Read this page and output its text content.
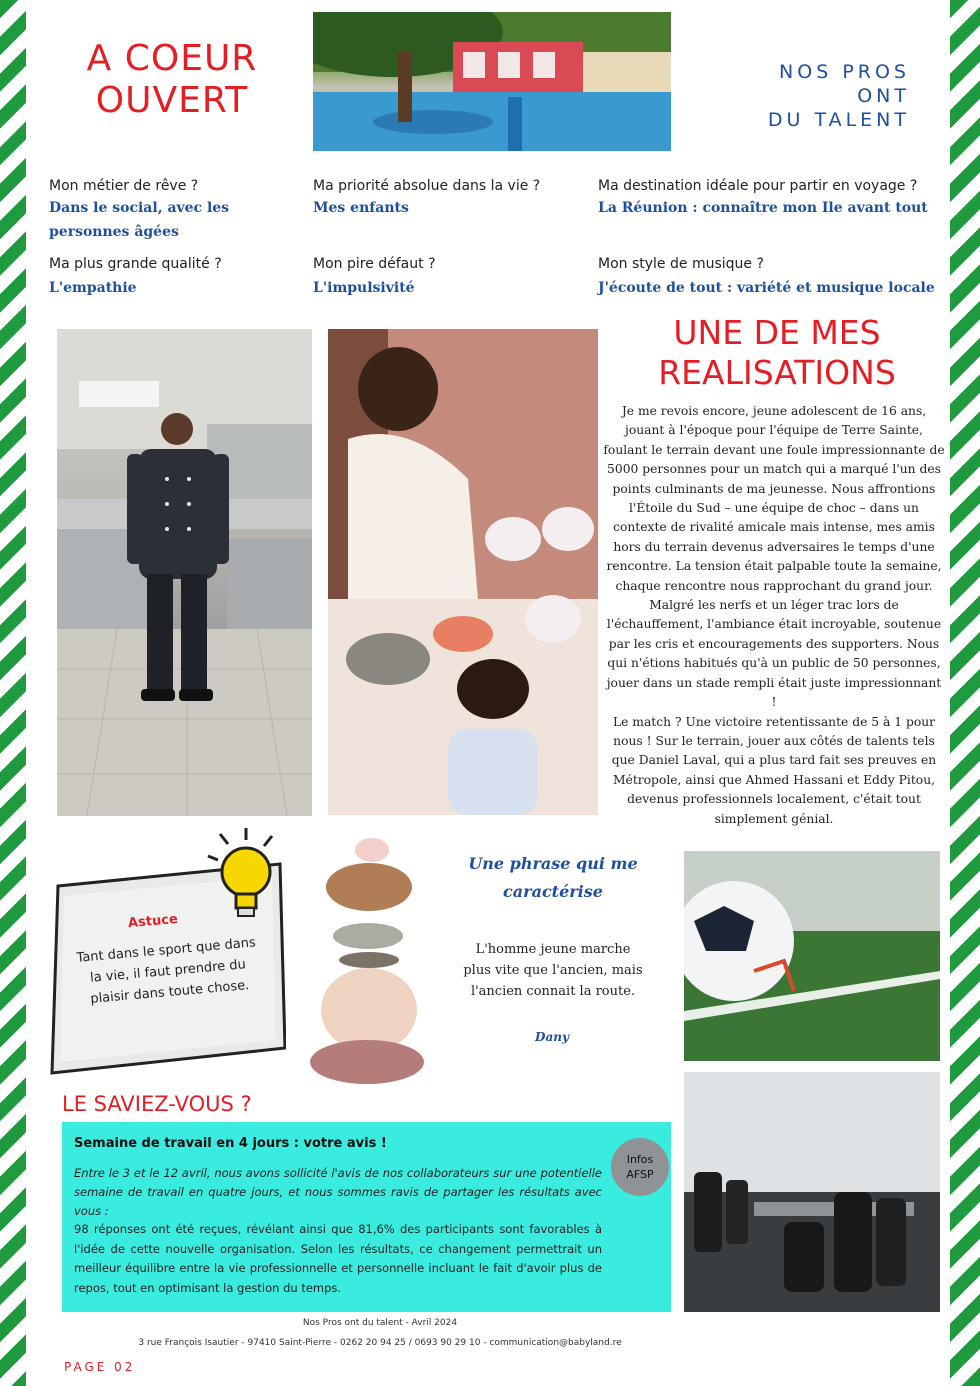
A COEUR
OUVERT
NOS PROS
ONT
DU TALENT
Mon métier de rêve ?
Dans le social, avec les personnes âgées
Ma priorité absolue dans la vie ?
Mes enfants
Ma destination idéale pour partir en voyage ?
La Réunion : connaître mon Ile avant tout
Ma plus grande qualité ?
L'empathie
Mon pire défaut ?
L'impulsivité
Mon style de musique ?
J'écoute de tout : variété et musique locale
UNE DE MES
REALISATIONS
Je me revois encore, jeune adolescent de 16 ans, jouant à l'époque pour l'équipe de Terre Sainte, foulant le terrain devant une foule impressionnante de 5000 personnes pour un match qui a marqué l'un des points culminants de ma jeunesse. Nous affrontions l'Étoile du Sud – une équipe de choc – dans un contexte de rivalité amicale mais intense, mes amis hors du terrain devenus adversaires le temps d'une rencontre. La tension était palpable toute la semaine, chaque rencontre nous rapprochant du grand jour. Malgré les nerfs et un léger trac lors de l'échauffement, l'ambiance était incroyable, soutenue par les cris et encouragements des supporters. Nous qui n'étions habitués qu'à un public de 50 personnes, jouer dans un stade rempli était juste impressionnant !
Le match ? Une victoire retentissante de 5 à 1 pour nous ! Sur le terrain, jouer aux côtés de talents tels que Daniel Laval, qui a plus tard fait ses preuves en Métropole, ainsi que Ahmed Hassani et Eddy Pitou, devenus professionnels localement, c'était tout simplement génial.
Astuce
Tant dans le sport que dans la vie, il faut prendre du plaisir dans toute chose.
Une phrase qui me
caractérise
L'homme jeune marche plus vite que l'ancien, mais l'ancien connait la route.
Dany
LE SAVIEZ-VOUS ?
Semaine de travail en 4 jours : votre avis !
Entre le 3 et le 12 avril, nous avons sollicité l'avis de nos collaborateurs sur une potentielle semaine de travail en quatre jours, et nous sommes ravis de partager les résultats avec vous :
98 réponses ont été reçues, révélant ainsi que 81,6% des participants sont favorables à l'idée de cette nouvelle organisation. Selon les résultats, ce changement permettrait un meilleur équilibre entre la vie professionnelle et personnelle incluant le fait d'avoir plus de repos, tout en optimisant la gestion du temps.
Infos
AFSP
Nos Pros ont du talent - Avril 2024
3 rue François Isautier - 97410 Saint-Pierre - 0262 20 94 25 / 0693 90 29 10 - communication@babyland.re
PAGE 02
